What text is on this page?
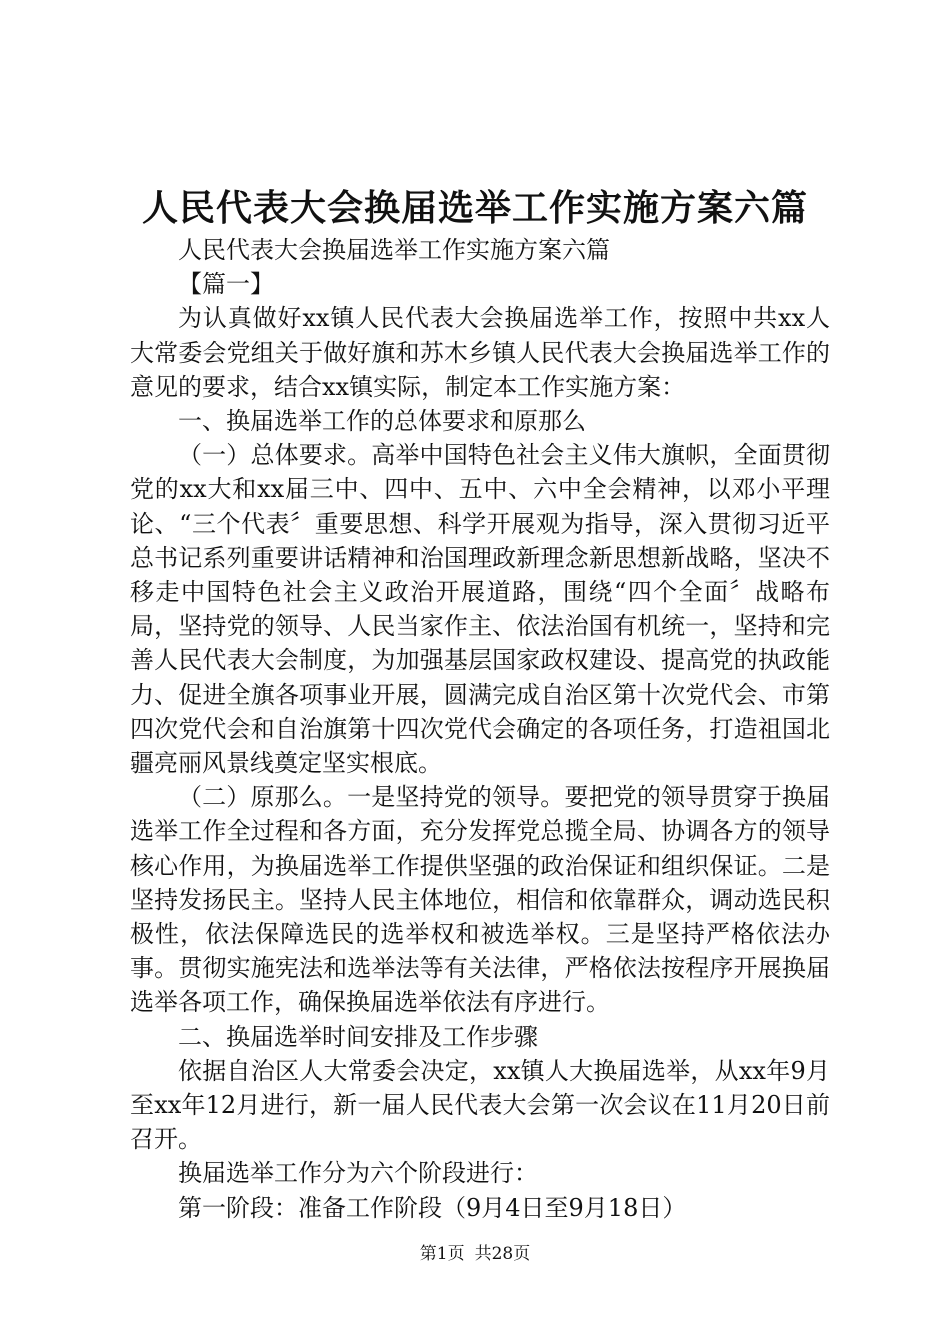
人民代表大会换届选举工作实施方案六篇

人民代表大会换届选举工作实施方案六篇

【篇一】

为认真做好xx镇人民代表大会换届选举工作，按照中共xx人大常委会党组关于做好旗和苏木乡镇人民代表大会换届选举工作的意见的要求，结合xx镇实际，制定本工作实施方案：

一、换届选举工作的总体要求和原那么

（一）总体要求。高举中国特色社会主义伟大旗帜，全面贯彻党的xx大和xx届三中、四中、五中、六中全会精神，以邓小平理论、“三个代表〞重要思想、科学开展观为指导，深入贯彻习近平总书记系列重要讲话精神和治国理政新理念新思想新战略，坚决不移走中国特色社会主义政治开展道路，围绕“四个全面〞战略布局，坚持党的领导、人民当家作主、依法治国有机统一，坚持和完善人民代表大会制度，为加强基层国家政权建设、提高党的执政能力、促进全旗各项事业开展，圆满完成自治区第十次党代会、市第四次党代会和自治旗第十四次党代会确定的各项任务，打造祖国北疆亮丽风景线奠定坚实根底。

（二）原那么。一是坚持党的领导。要把党的领导贯穿于换届选举工作全过程和各方面，充分发挥党总揽全局、协调各方的领导核心作用，为换届选举工作提供坚强的政治保证和组织保证。二是坚持发扬民主。坚持人民主体地位，相信和依靠群众，调动选民积极性，依法保障选民的选举权和被选举权。三是坚持严格依法办事。贯彻实施宪法和选举法等有关法律，严格依法按程序开展换届选举各项工作，确保换届选举依法有序进行。

二、换届选举时间安排及工作步骤

依据自治区人大常委会决定，xx镇人大换届选举，从xx年9月至xx年12月进行，新一届人民代表大会第一次会议在11月20日前召开。

换届选举工作分为六个阶段进行：

第一阶段：准备工作阶段（9月4日至9月18日）

第1页 共28页
